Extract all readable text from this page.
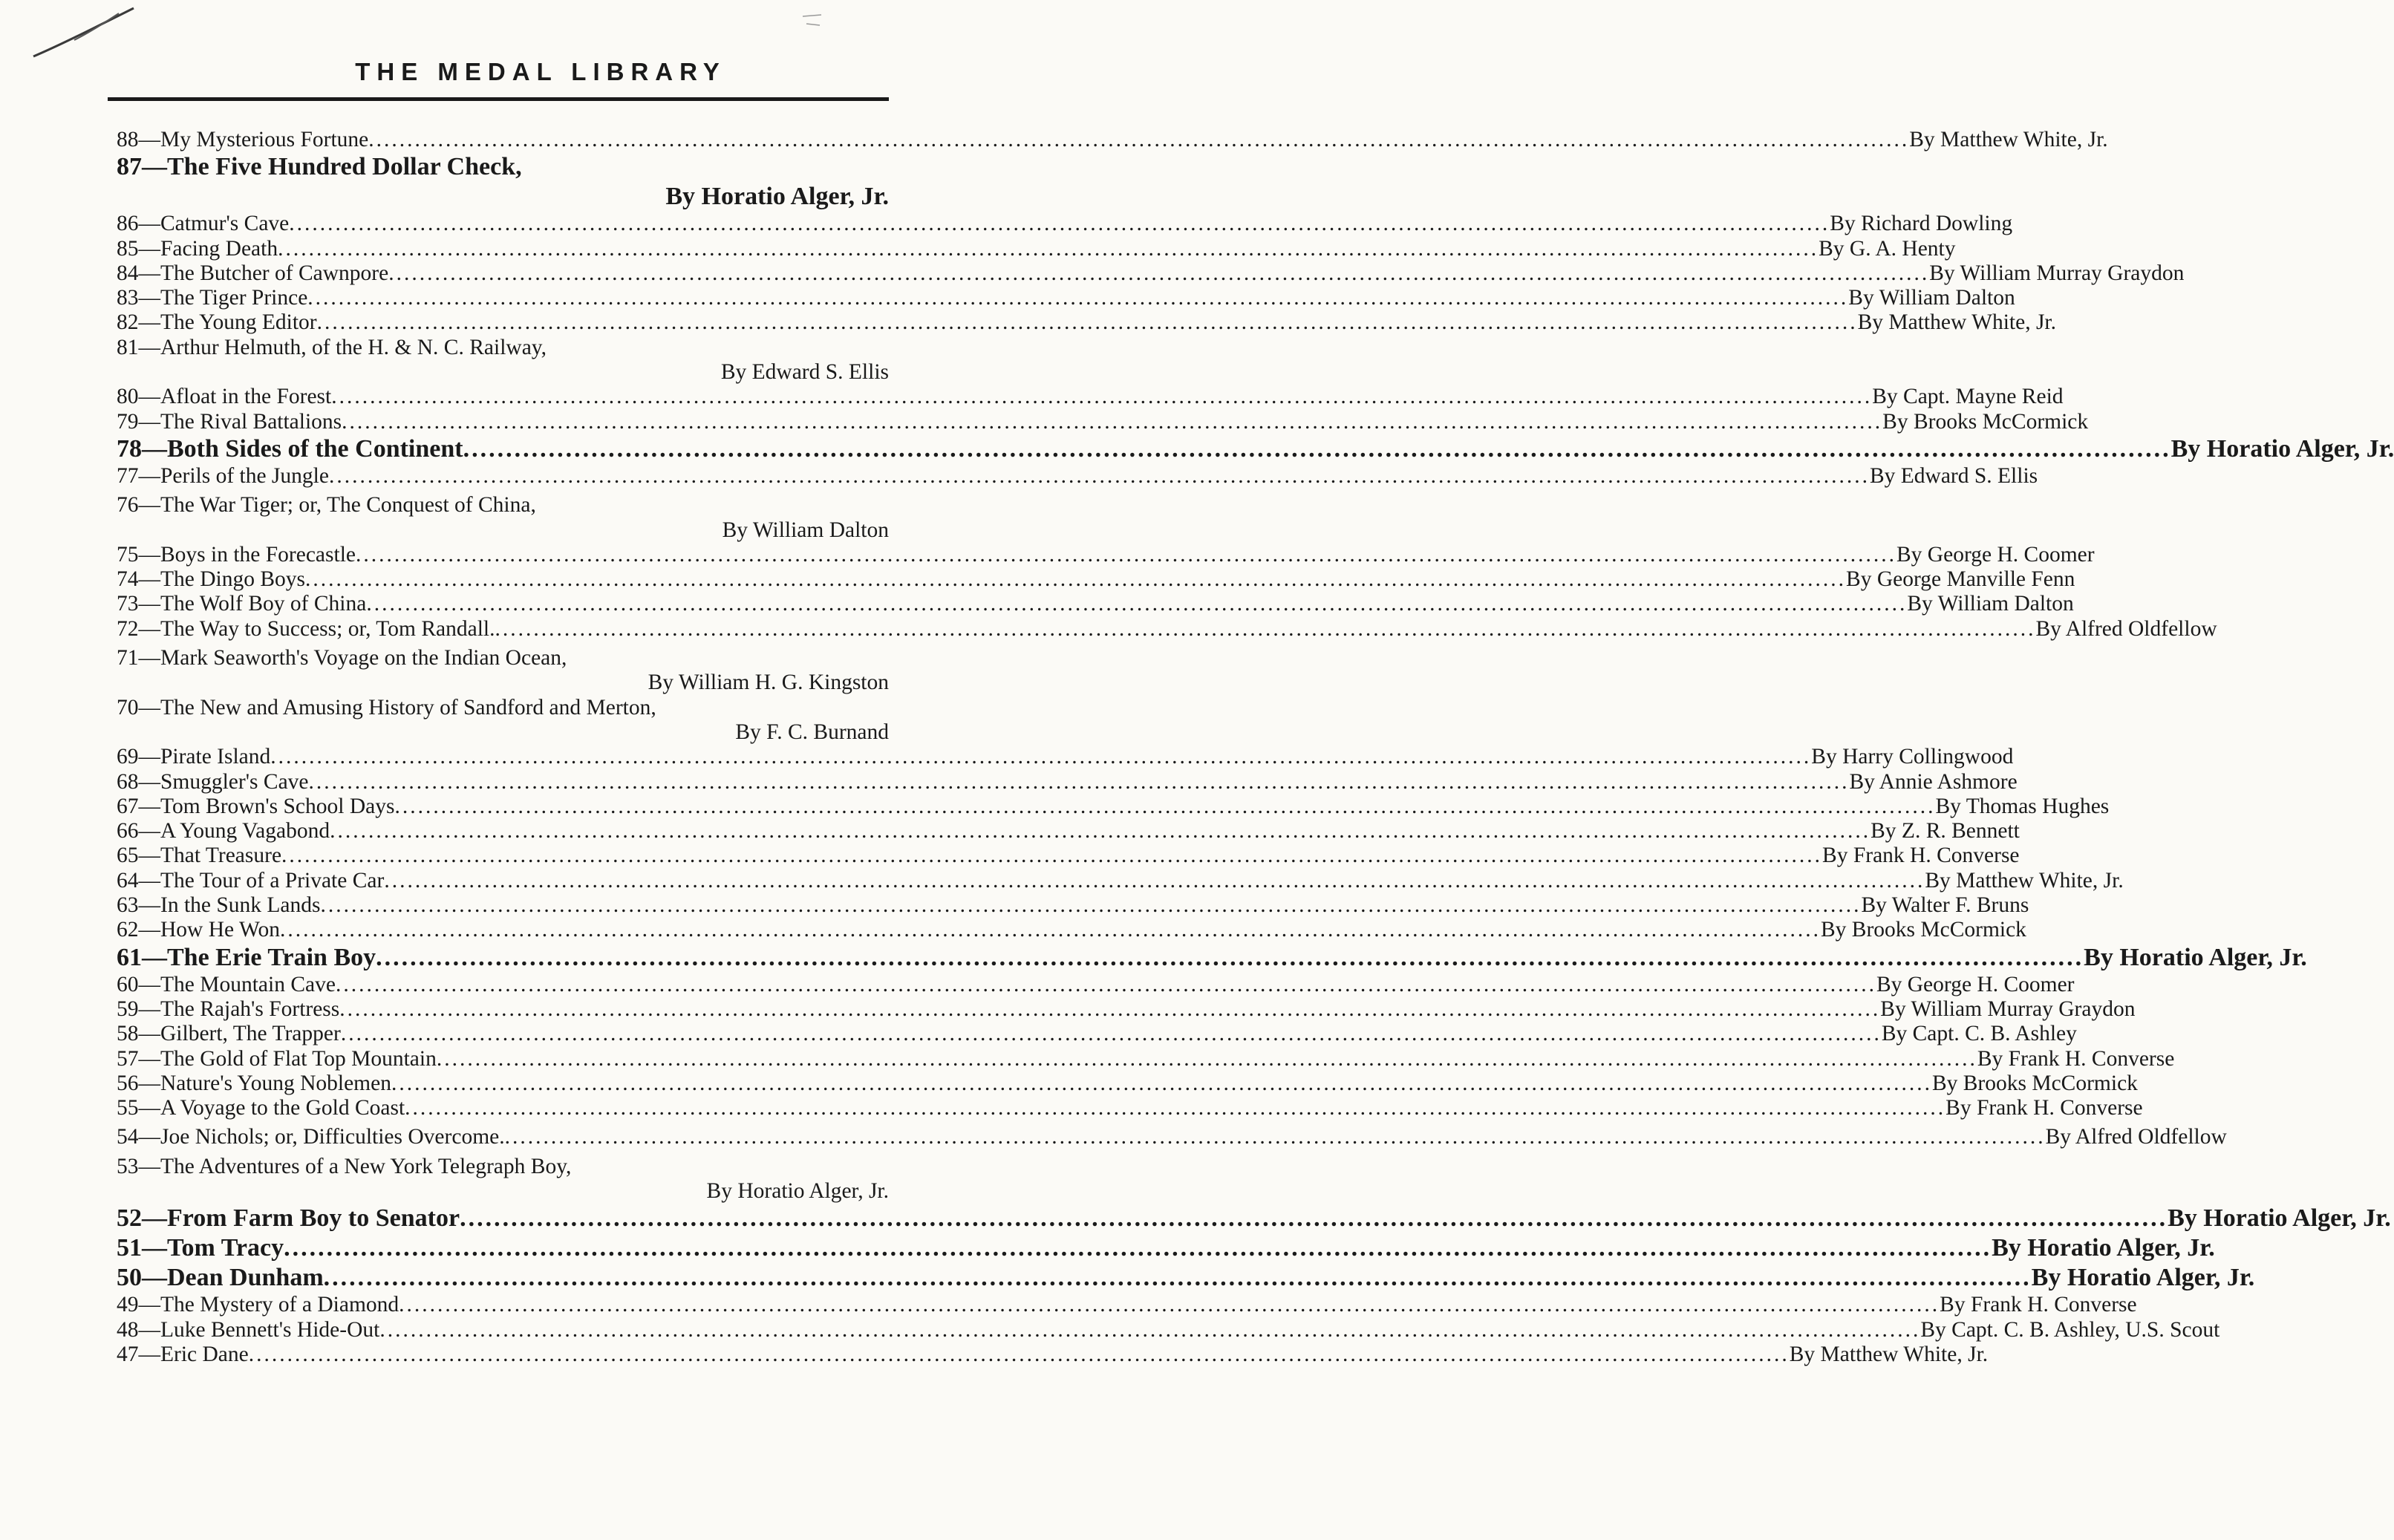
THE MEDAL LIBRARY
88—My Mysterious Fortune ........................................................................................................................................................................................................ By Matthew White, Jr.
87—The Five Hundred Dollar Check,
By Horatio Alger, Jr.
86—Catmur's Cave ........................................................................................................................................................................................................ By Richard Dowling
85—Facing Death ........................................................................................................................................................................................................ By G. A. Henty
84—The Butcher of Cawnpore ........................................................................................................................................................................................................ By William Murray Graydon
83—The Tiger Prince ........................................................................................................................................................................................................ By William Dalton
82—The Young Editor ........................................................................................................................................................................................................ By Matthew White, Jr.
81—Arthur Helmuth, of the H. & N. C. Railway,
By Edward S. Ellis
80—Afloat in the Forest ........................................................................................................................................................................................................ By Capt. Mayne Reid
79—The Rival Battalions ........................................................................................................................................................................................................ By Brooks McCormick
78—Both Sides of the Continent ........................................................................................................................................................................................................ By Horatio Alger, Jr.
77—Perils of the Jungle ........................................................................................................................................................................................................ By Edward S. Ellis
76—The War Tiger; or, The Conquest of China,
By William Dalton
75—Boys in the Forecastle ........................................................................................................................................................................................................ By George H. Coomer
74—The Dingo Boys ........................................................................................................................................................................................................ By George Manville Fenn
73—The Wolf Boy of China ........................................................................................................................................................................................................ By William Dalton
72—The Way to Success; or, Tom Randall. ........................................................................................................................................................................................................ By Alfred Oldfellow
71—Mark Seaworth's Voyage on the Indian Ocean,
By William H. G. Kingston
70—The New and Amusing History of Sandford and Merton,
By F. C. Burnand
69—Pirate Island ........................................................................................................................................................................................................ By Harry Collingwood
68—Smuggler's Cave ........................................................................................................................................................................................................ By Annie Ashmore
67—Tom Brown's School Days ........................................................................................................................................................................................................ By Thomas Hughes
66—A Young Vagabond ........................................................................................................................................................................................................ By Z. R. Bennett
65—That Treasure ........................................................................................................................................................................................................ By Frank H. Converse
64—The Tour of a Private Car ........................................................................................................................................................................................................ By Matthew White, Jr.
63—In the Sunk Lands ........................................................................................................................................................................................................ By Walter F. Bruns
62—How He Won ........................................................................................................................................................................................................ By Brooks McCormick
61—The Erie Train Boy ........................................................................................................................................................................................................ By Horatio Alger, Jr.
60—The Mountain Cave ........................................................................................................................................................................................................ By George H. Coomer
59—The Rajah's Fortress ........................................................................................................................................................................................................ By William Murray Graydon
58—Gilbert, The Trapper ........................................................................................................................................................................................................ By Capt. C. B. Ashley
57—The Gold of Flat Top Mountain ........................................................................................................................................................................................................ By Frank H. Converse
56—Nature's Young Noblemen ........................................................................................................................................................................................................ By Brooks McCormick
55—A Voyage to the Gold Coast ........................................................................................................................................................................................................ By Frank H. Converse
54—Joe Nichols; or, Difficulties Overcome. ........................................................................................................................................................................................................ By Alfred Oldfellow
53—The Adventures of a New York Telegraph Boy,
By Horatio Alger, Jr.
52—From Farm Boy to Senator ........................................................................................................................................................................................................ By Horatio Alger, Jr.
51—Tom Tracy ........................................................................................................................................................................................................ By Horatio Alger, Jr.
50—Dean Dunham ........................................................................................................................................................................................................ By Horatio Alger, Jr.
49—The Mystery of a Diamond ........................................................................................................................................................................................................ By Frank H. Converse
48—Luke Bennett's Hide-Out ........................................................................................................................................................................................................ By Capt. C. B. Ashley, U.S. Scout
47—Eric Dane ........................................................................................................................................................................................................ By Matthew White, Jr.
